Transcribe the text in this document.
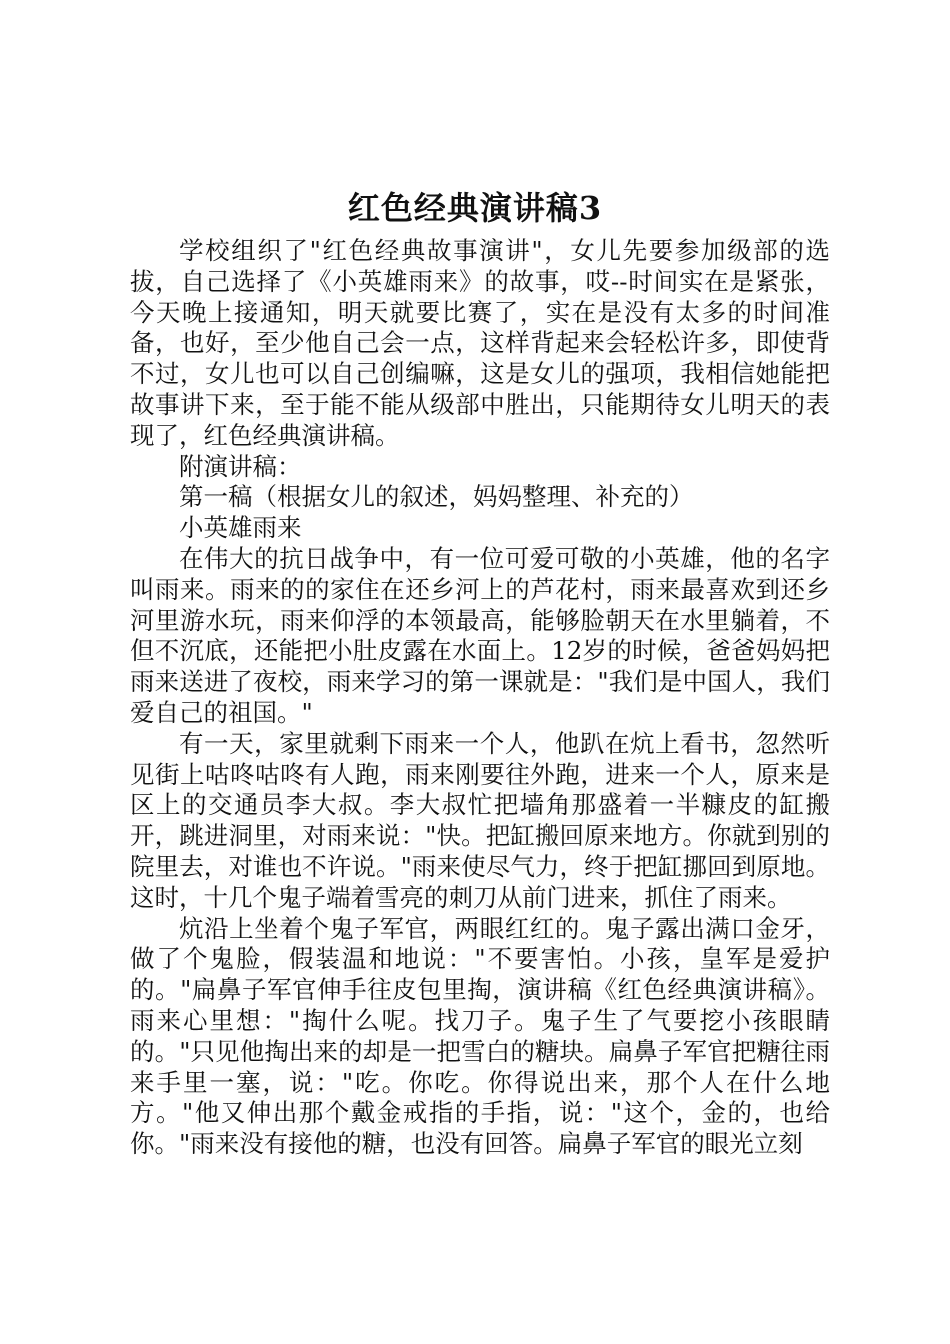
红色经典演讲稿3

学校组织了"红色经典故事演讲"，女儿先要参加级部的选拔，自己选择了《小英雄雨来》的故事，哎--时间实在是紧张，今天晚上接通知，明天就要比赛了，实在是没有太多的时间准备，也好，至少他自己会一点，这样背起来会轻松许多，即使背不过，女儿也可以自己创编嘛，这是女儿的强项，我相信她能把故事讲下来，至于能不能从级部中胜出，只能期待女儿明天的表现了，红色经典演讲稿。

附演讲稿：

第一稿（根据女儿的叙述，妈妈整理、补充的）

小英雄雨来

在伟大的抗日战争中，有一位可爱可敬的小英雄，他的名字叫雨来。雨来的的家住在还乡河上的芦花村，雨来最喜欢到还乡河里游水玩，雨来仰浮的本领最高，能够脸朝天在水里躺着，不但不沉底，还能把小肚皮露在水面上。12岁的时候，爸爸妈妈把雨来送进了夜校，雨来学习的第一课就是："我们是中国人，我们爱自己的祖国。"

有一天，家里就剩下雨来一个人，他趴在炕上看书，忽然听见街上咕咚咕咚有人跑，雨来刚要往外跑，进来一个人，原来是区上的交通员李大叔。李大叔忙把墙角那盛着一半糠皮的缸搬开，跳进洞里，对雨来说："快。把缸搬回原来地方。你就到别的院里去，对谁也不许说。"雨来使尽气力，终于把缸挪回到原地。这时，十几个鬼子端着雪亮的刺刀从前门进来，抓住了雨来。

炕沿上坐着个鬼子军官，两眼红红的。鬼子露出满口金牙，做了个鬼脸，假装温和地说："不要害怕。小孩，皇军是爱护的。"扁鼻子军官伸手往皮包里掏，演讲稿《红色经典演讲稿》。雨来心里想："掏什么呢。找刀子。鬼子生了气要挖小孩眼睛的。"只见他掏出来的却是一把雪白的糖块。扁鼻子军官把糖往雨来手里一塞，说："吃。你吃。你得说出来，那个人在什么地方。"他又伸出那个戴金戒指的手指，说："这个，金的，也给你。"雨来没有接他的糖，也没有回答。扁鼻子军官的眼光立刻
